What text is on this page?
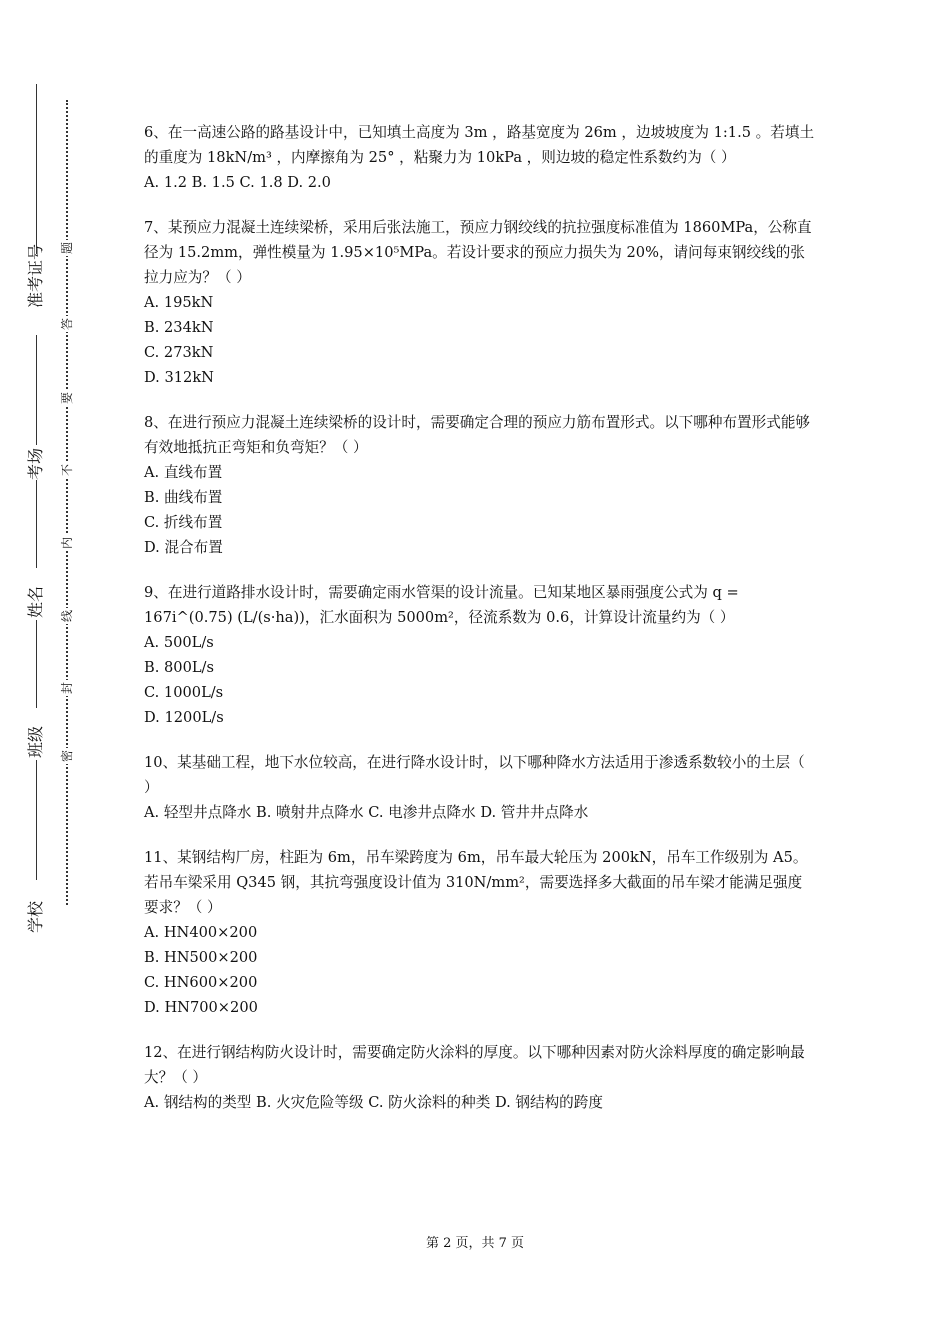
准考证号
考场
姓名
班级
学校
题
答
要
不
内
线
封
密

6、在一高速公路的路基设计中，已知填土高度为 3m ，路基宽度为 26m ，边坡坡度为 1:1.5 。若填土的重度为 18kN/m³ ，内摩擦角为 25° ，粘聚力为 10kPa ，则边坡的稳定性系数约为（ ）

A. 1.2 B. 1.5 C. 1.8 D. 2.0

7、某预应力混凝土连续梁桥，采用后张法施工，预应力钢绞线的抗拉强度标准值为 1860MPa，公称直径为 15.2mm，弹性模量为 1.95×10⁵MPa。若设计要求的预应力损失为 20%，请问每束钢绞线的张拉力应为？（ ）

A. 195kN

B. 234kN

C. 273kN

D. 312kN

8、在进行预应力混凝土连续梁桥的设计时，需要确定合理的预应力筋布置形式。以下哪种布置形式能够有效地抵抗正弯矩和负弯矩？（ ）

A. 直线布置

B. 曲线布置

C. 折线布置

D. 混合布置

9、在进行道路排水设计时，需要确定雨水管渠的设计流量。已知某地区暴雨强度公式为 q = 167i^(0.75) (L/(s·ha))，汇水面积为 5000m²，径流系数为 0.6，计算设计流量约为（ ）

A. 500L/s

B. 800L/s

C. 1000L/s

D. 1200L/s

10、某基础工程，地下水位较高，在进行降水设计时，以下哪种降水方法适用于渗透系数较小的土层（ ）

A. 轻型井点降水 B. 喷射井点降水 C. 电渗井点降水 D. 管井井点降水

11、某钢结构厂房，柱距为 6m，吊车梁跨度为 6m，吊车最大轮压为 200kN，吊车工作级别为 A5。若吊车梁采用 Q345 钢，其抗弯强度设计值为 310N/mm²，需要选择多大截面的吊车梁才能满足强度要求？（ ）

A. HN400×200

B. HN500×200

C. HN600×200

D. HN700×200

12、在进行钢结构防火设计时，需要确定防火涂料的厚度。以下哪种因素对防火涂料厚度的确定影响最大？（ ）

A. 钢结构的类型 B. 火灾危险等级 C. 防火涂料的种类 D. 钢结构的跨度

第 2 页，共 7 页
